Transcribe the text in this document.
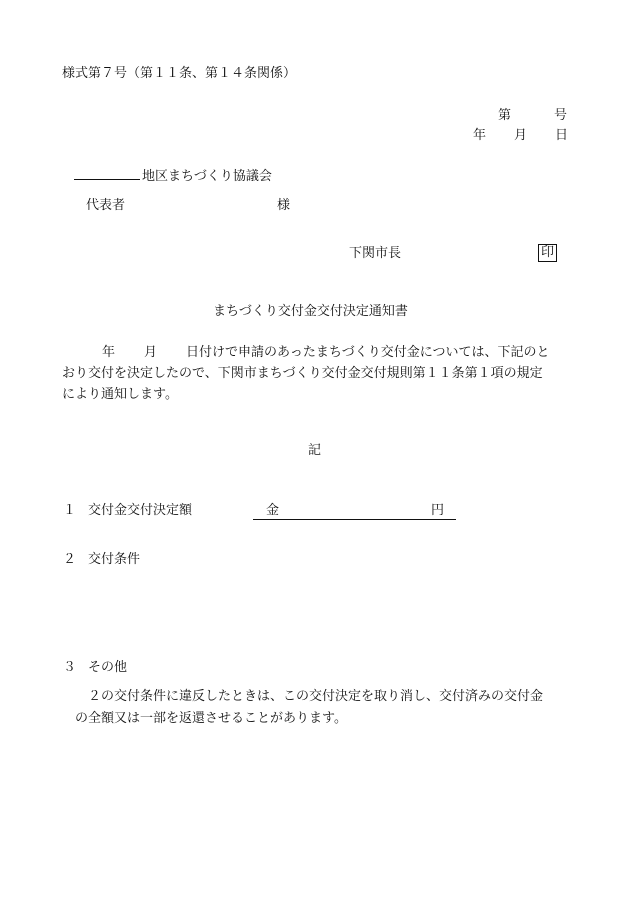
様式第７号（第１１条、第１４条関係）
第	号
年 月 日
地区まちづくり協議会
代表者	様
下関市長	印
まちづくり交付金交付決定通知書
年 月 日付けで申請のあったまちづくり交付金については、下記のと
おり交付を決定したので、下関市まちづくり交付金交付規則第１１条第１項の規定
により通知します。
記
１ 交付金交付決定額	金	円
２ 交付条件
３ その他
２の交付条件に違反したときは、この交付決定を取り消し、交付済みの交付金
の全額又は一部を返還させることがあります。
